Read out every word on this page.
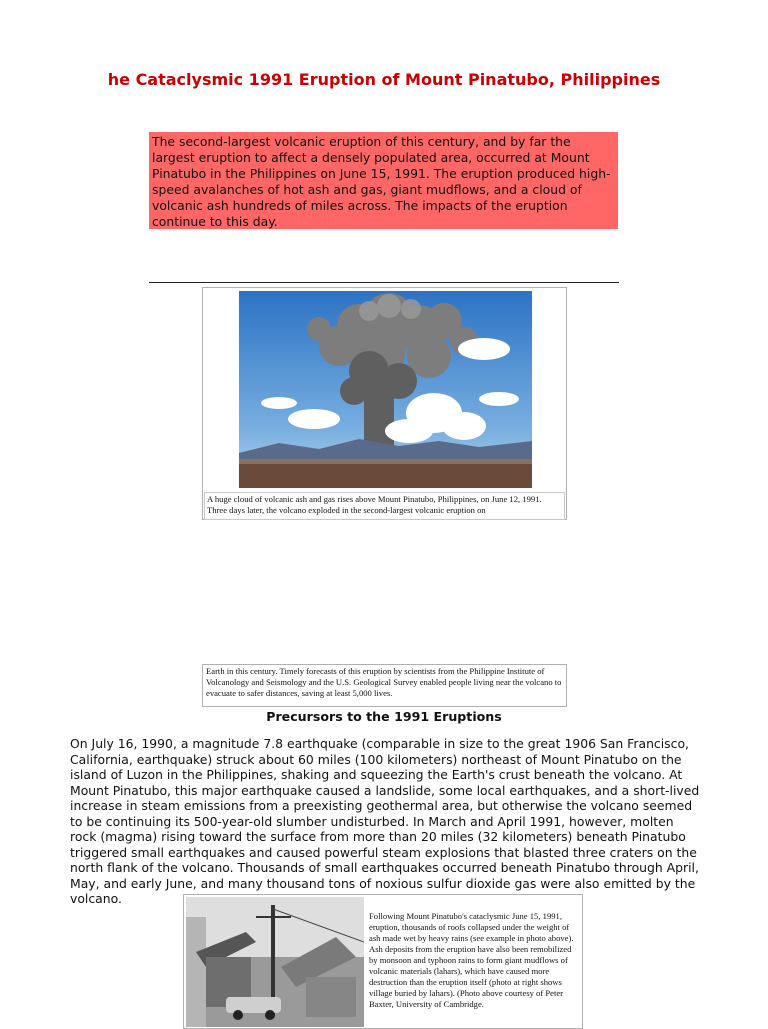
he Cataclysmic 1991 Eruption of Mount Pinatubo, Philippines
The second-largest volcanic eruption of this century, and by far the largest eruption to affect a densely populated area, occurred at Mount Pinatubo in the Philippines on June 15, 1991. The eruption produced high-speed avalanches of hot ash and gas, giant mudflows, and a cloud of volcanic ash hundreds of miles across. The impacts of the eruption continue to this day.
A huge cloud of volcanic ash and gas rises above Mount Pinatubo, Philippines, on June 12, 1991. Three days later, the volcano exploded in the second-largest volcanic eruption on
Earth in this century. Timely forecasts of this eruption by scientists from the Philippine Institute of Volcanology and Seismology and the U.S. Geological Survey enabled people living near the volcano to evacuate to safer distances, saving at least 5,000 lives.
Precursors to the 1991 Eruptions
On July 16, 1990, a magnitude 7.8 earthquake (comparable in size to the great 1906 San Francisco, California, earthquake) struck about 60 miles (100 kilometers) northeast of Mount Pinatubo on the island of Luzon in the Philippines, shaking and squeezing the Earth's crust beneath the volcano. At Mount Pinatubo, this major earthquake caused a landslide, some local earthquakes, and a short-lived increase in steam emissions from a preexisting geothermal area, but otherwise the volcano seemed to be continuing its 500-year-old slumber undisturbed. In March and April 1991, however, molten rock (magma) rising toward the surface from more than 20 miles (32 kilometers) beneath Pinatubo triggered small earthquakes and caused powerful steam explosions that blasted three craters on the north flank of the volcano. Thousands of small earthquakes occurred beneath Pinatubo through April, May, and early June, and many thousand tons of noxious sulfur dioxide gas were also emitted by the volcano.
Following Mount Pinatubo's cataclysmic June 15, 1991, eruption, thousands of roofs collapsed under the weight of ash made wet by heavy rains (see example in photo above). Ash deposits from the eruption have also been remobilized by monsoon and typhoon rains to form giant mudflows of volcanic materials (lahars), which have caused more destruction than the eruption itself (photo at right shows village buried by lahars). (Photo above courtesy of Peter Baxter, University of Cambridge.
